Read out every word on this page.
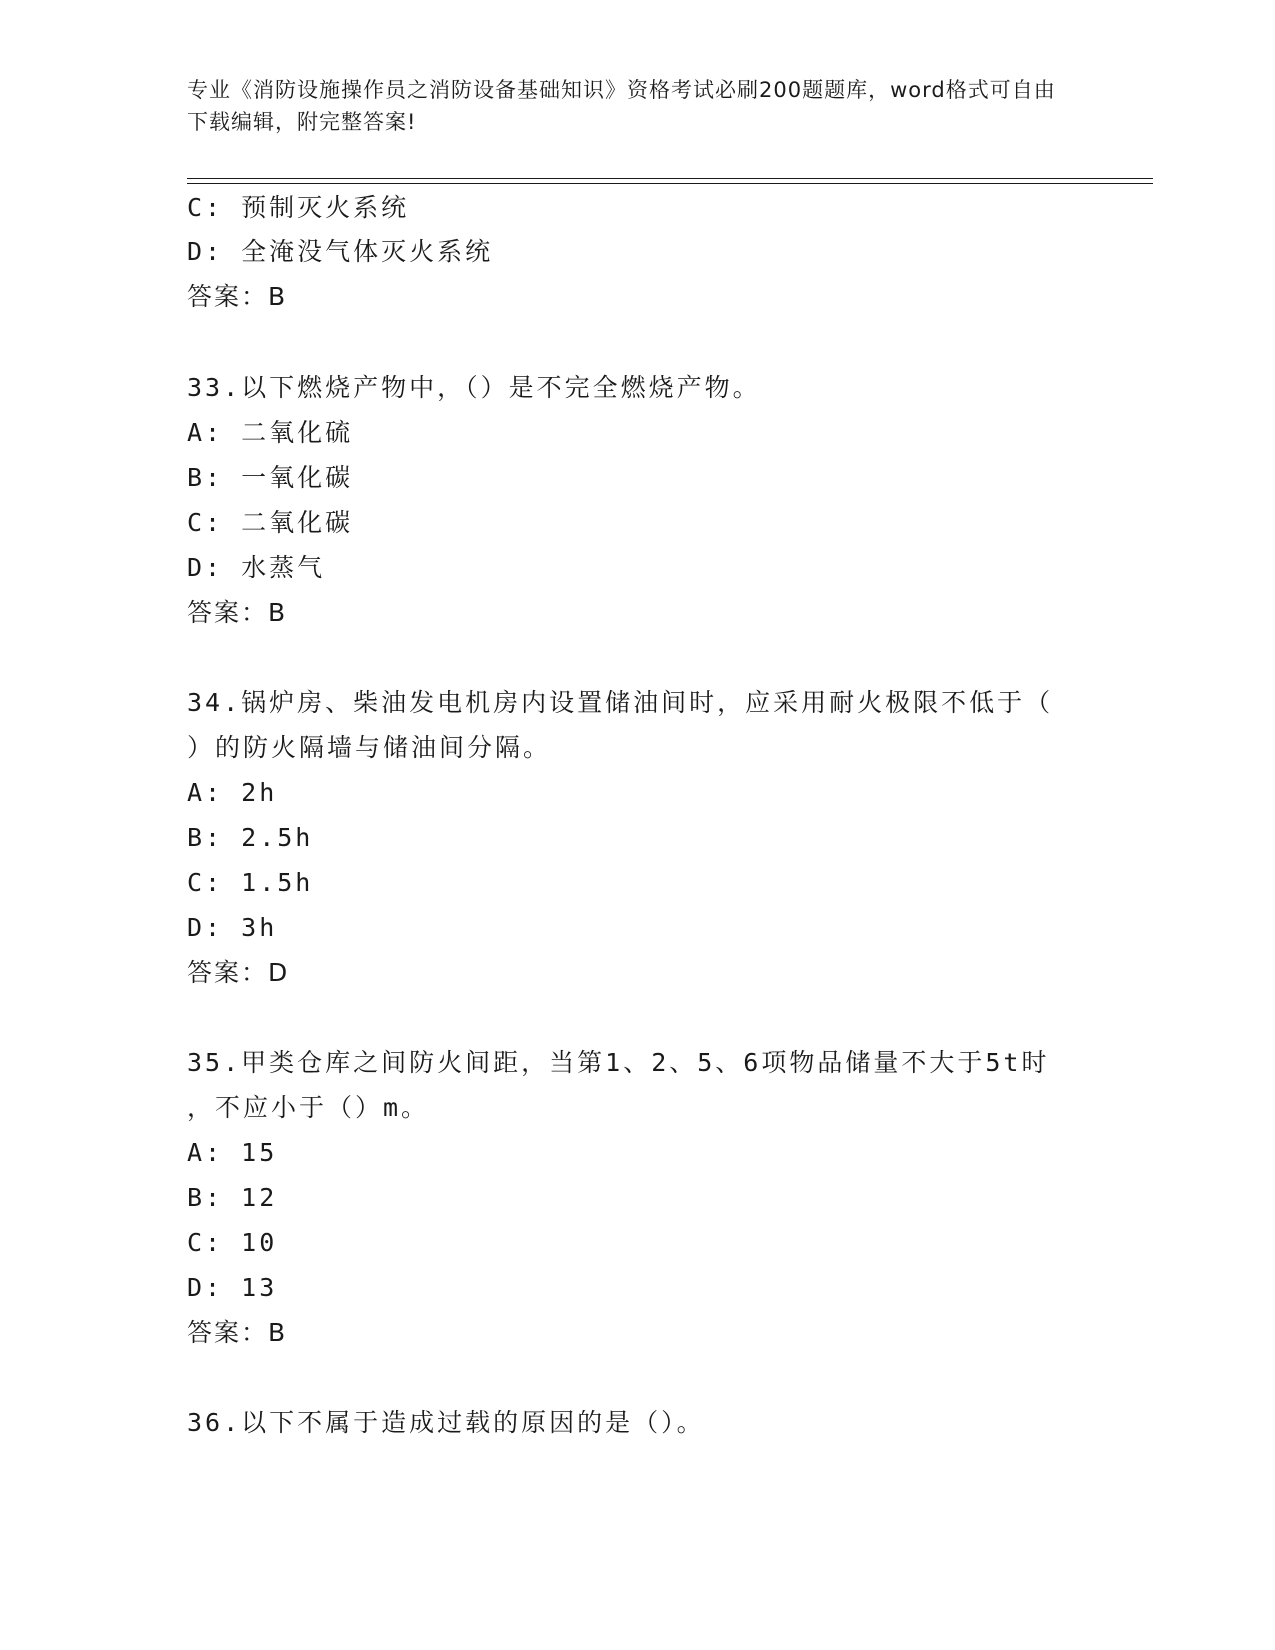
专业《消防设施操作员之消防设备基础知识》资格考试必刷200题题库，word格式可自由下载编辑，附完整答案!
C: 预制灭火系统
D: 全淹没气体灭火系统
答案：B
33.以下燃烧产物中，（）是不完全燃烧产物。
A: 二氧化硫
B: 一氧化碳
C: 二氧化碳
D: 水蒸气
答案：B
34.锅炉房、柴油发电机房内设置储油间时，应采用耐火极限不低于（
）的防火隔墙与储油间分隔。
A: 2h
B: 2.5h
C: 1.5h
D: 3h
答案：D
35.甲类仓库之间防火间距，当第1、2、5、6项物品储量不大于5t时
，不应小于（）m。
A: 15
B: 12
C: 10
D: 13
答案：B
36.以下不属于造成过载的原因的是（）。
